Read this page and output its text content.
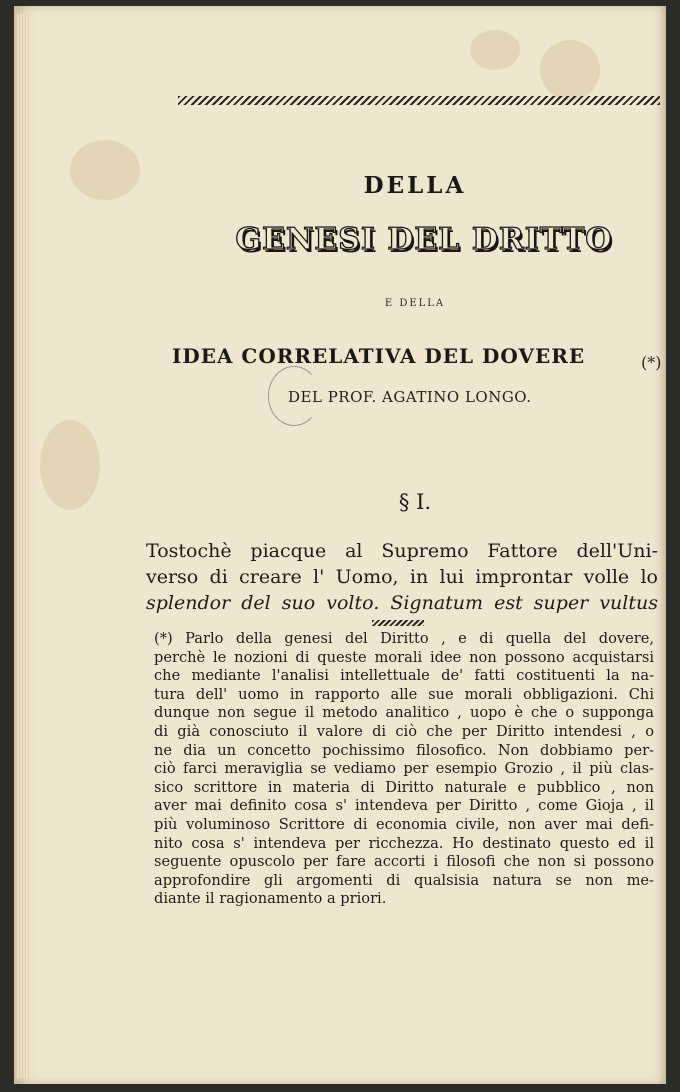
DELLA
GENESI DEL DRITTO
E DELLA
IDEA CORRELATIVA DEL DOVERE	(*)
DEL PROF. AGATINO LONGO.
§ I.
Tostochè piacque al Supremo Fattore dell'Uni-
verso di creare l' Uomo, in lui improntar volle lo
splendor del suo volto. Signatum est super vultus
(*) Parlo della genesi del Diritto , e di quella del dovere,
perchè le nozioni di queste morali idee non possono acquistarsi
che mediante l'analisi intellettuale de' fatti costituenti la na-
tura dell' uomo in rapporto alle sue morali obbligazioni. Chi
dunque non segue il metodo analitico , uopo è che o supponga
di già conosciuto il valore di ciò che per Diritto intendesi , o
ne dia un concetto pochissimo filosofico. Non dobbiamo per-
ciò farci meraviglia se vediamo per esempio Grozio , il più clas-
sico scrittore in materia di Diritto naturale e pubblico , non
aver mai definito cosa s' intendeva per Diritto , come Gioja , il
più voluminoso Scrittore di economia civile, non aver mai defi-
nito cosa s' intendeva per ricchezza. Ho destinato questo ed il
seguente opuscolo per fare accorti i filosofi che non si possono
approfondire gli argomenti di qualsisia natura se non me-
diante il ragionamento a priori.
